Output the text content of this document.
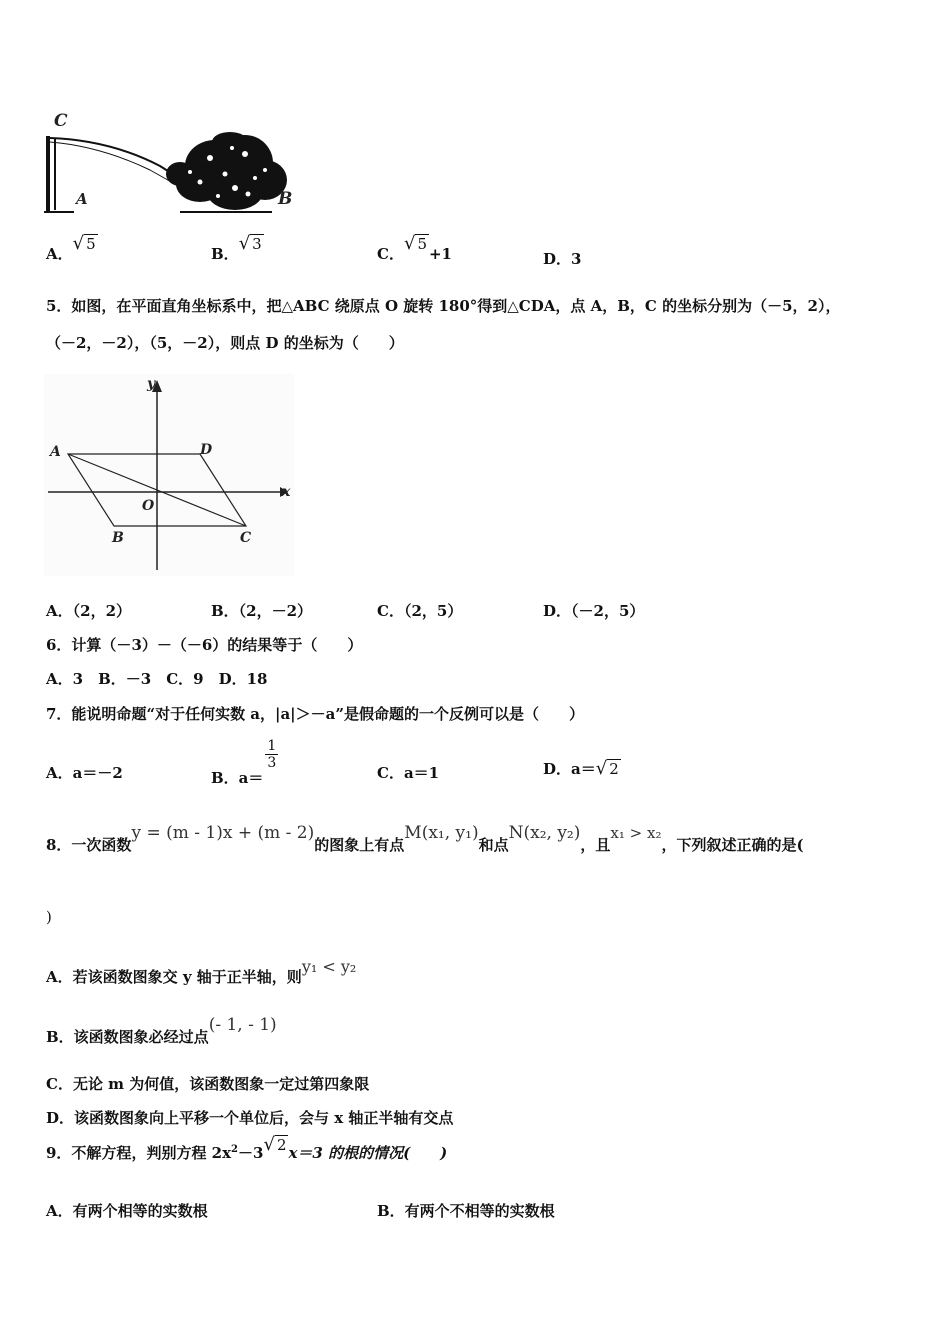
C
A	B
A．√ 5
B．√ 3
C．√ 5+1	D．3
5．如图，在平面直角坐标系中，把△ABC 绕原点 O 旋转 180°得到△CDA，点 A，B，C 的坐标分别为（－5，2），
（－2，－2），（5，－2），则点 D 的坐标为（　　）
y
x
A	D
O
B	C
A．（2，2）	B．（2，－2）	C．（2，5）	D．（－2，5）
6．计算（－3）－（－6）的结果等于（　　）
A．3　B．－3　C．9　D．18
7．能说明命题“对于任何实数 a，|a|＞－a”是假命题的一个反例可以是（　　）
A．a＝－2	B．a＝
$\frac{1}{3}$
C．a＝1	D．a＝√ 2
8．一次函数y = (m - 1)x + (m - 2)的图象上有点M(x₁, y₁)和点N(x₂, y₂)，且x₁ > x₂，下列叙述正确的是(
)
A．若该函数图象交 y 轴于正半轴，则y₁ < y₂
B．该函数图象必经过点(- 1, - 1)
C．无论 m 为何值，该函数图象一定过第四象限
D．该函数图象向上平移一个单位后，会与 x 轴正半轴有交点
9．不解方程，判别方程 $2x^2-3√$ 2 x＝3 的根的情况(　　)
A．有两个相等的实数根	B．有两个不相等的实数根
